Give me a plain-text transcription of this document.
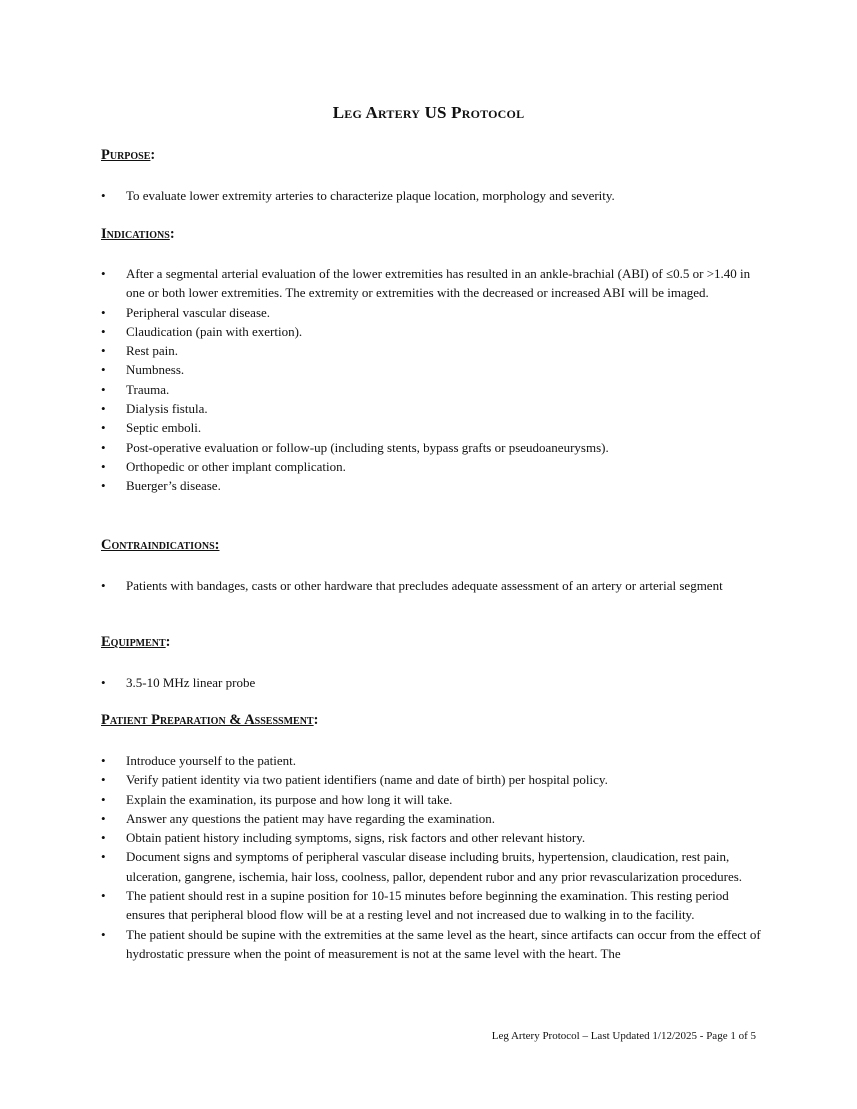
Leg Artery US Protocol
Purpose:
• To evaluate lower extremity arteries to characterize plaque location, morphology and severity.
Indications:
• After a segmental arterial evaluation of the lower extremities has resulted in an ankle-brachial (ABI) of ≤0.5 or >1.40 in one or both lower extremities. The extremity or extremities with the decreased or increased ABI will be imaged.
• Peripheral vascular disease.
• Claudication (pain with exertion).
• Rest pain.
• Numbness.
• Trauma.
• Dialysis fistula.
• Septic emboli.
• Post-operative evaluation or follow-up (including stents, bypass grafts or pseudoaneurysms).
• Orthopedic or other implant complication.
• Buerger’s disease.
Contraindications:
• Patients with bandages, casts or other hardware that precludes adequate assessment of an artery or arterial segment
Equipment:
• 3.5-10 MHz linear probe
Patient Preparation & Assessment:
• Introduce yourself to the patient.
• Verify patient identity via two patient identifiers (name and date of birth) per hospital policy.
• Explain the examination, its purpose and how long it will take.
• Answer any questions the patient may have regarding the examination.
• Obtain patient history including symptoms, signs, risk factors and other relevant history.
• Document signs and symptoms of peripheral vascular disease including bruits, hypertension, claudication, rest pain, ulceration, gangrene, ischemia, hair loss, coolness, pallor, dependent rubor and any prior revascularization procedures.
• The patient should rest in a supine position for 10-15 minutes before beginning the examination. This resting period ensures that peripheral blood flow will be at a resting level and not increased due to walking in to the facility.
• The patient should be supine with the extremities at the same level as the heart, since artifacts can occur from the effect of hydrostatic pressure when the point of measurement is not at the same level with the heart. The
Leg Artery Protocol – Last Updated 1/12/2025 - Page 1 of 5
